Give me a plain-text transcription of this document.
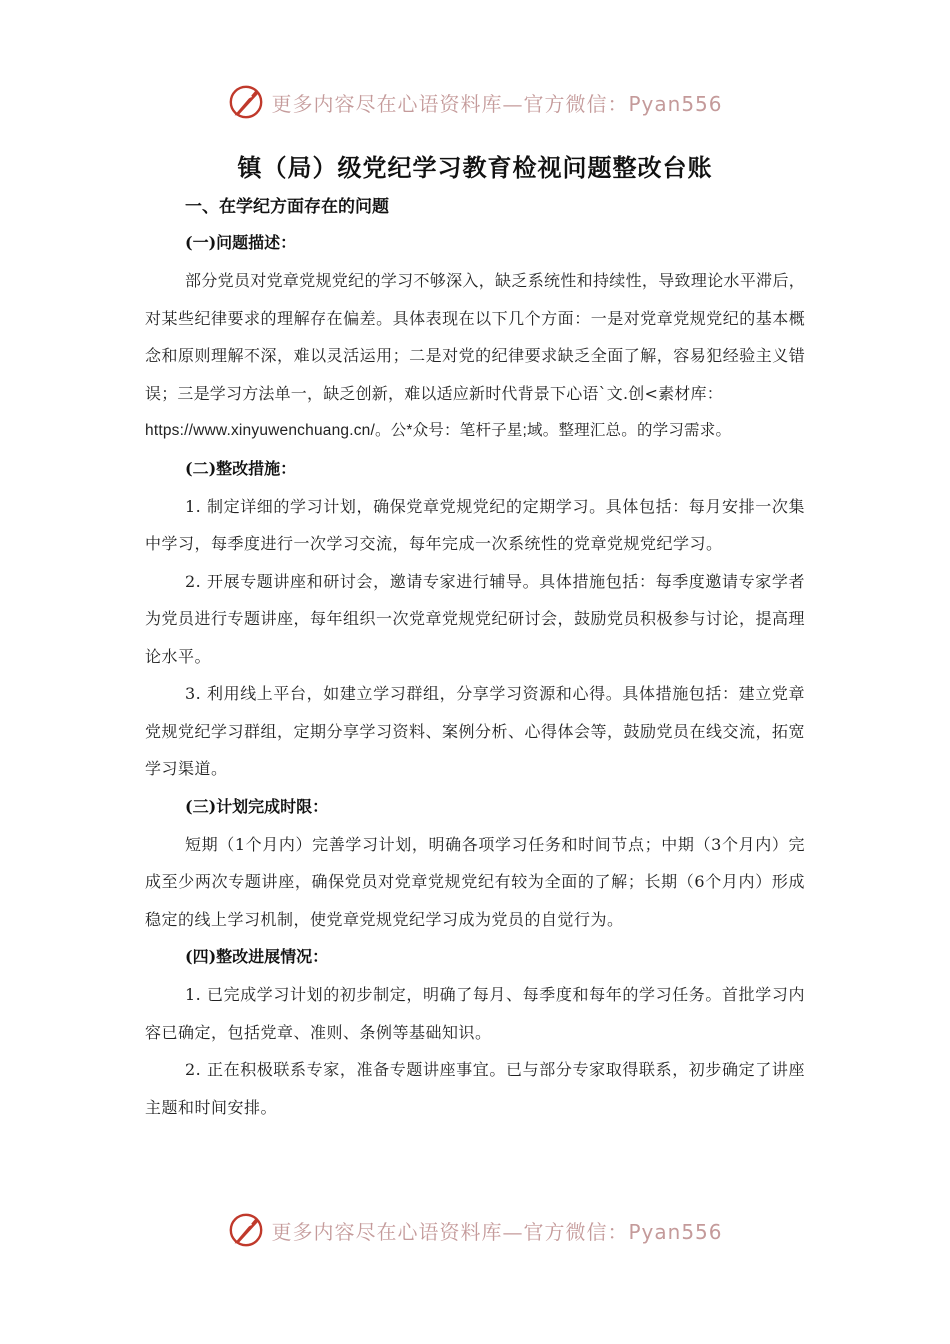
更多内容尽在心语资料库—官方微信：Pyan556
镇（局）级党纪学习教育检视问题整改台账
一、在学纪方面存在的问题
(一)问题描述：

部分党员对党章党规党纪的学习不够深入，缺乏系统性和持续性，导致理论水平滞后，对某些纪律要求的理解存在偏差。具体表现在以下几个方面：一是对党章党规党纪的基本概念和原则理解不深，难以灵活运用；二是对党的纪律要求缺乏全面了解，容易犯经验主义错误；三是学习方法单一，缺乏创新，难以适应新时代背景下心语`文.创<素材库：
https://www.xinyuwenchuang.cn/。公*众号：笔杆子星;域。整理汇总。的学习需求。

(二)整改措施：

1. 制定详细的学习计划，确保党章党规党纪的定期学习。具体包括：每月安排一次集中学习，每季度进行一次学习交流，每年完成一次系统性的党章党规党纪学习。

2. 开展专题讲座和研讨会，邀请专家进行辅导。具体措施包括：每季度邀请专家学者为党员进行专题讲座，每年组织一次党章党规党纪研讨会，鼓励党员积极参与讨论，提高理论水平。

3. 利用线上平台，如建立学习群组，分享学习资源和心得。具体措施包括：建立党章党规党纪学习群组，定期分享学习资料、案例分析、心得体会等，鼓励党员在线交流，拓宽学习渠道。

(三)计划完成时限：

短期（1个月内）完善学习计划，明确各项学习任务和时间节点；中期（3个月内）完成至少两次专题讲座，确保党员对党章党规党纪有较为全面的了解；长期（6个月内）形成稳定的线上学习机制，使党章党规党纪学习成为党员的自觉行为。

(四)整改进展情况：

1. 已完成学习计划的初步制定，明确了每月、每季度和每年的学习任务。首批学习内容已确定，包括党章、准则、条例等基础知识。

2. 正在积极联系专家，准备专题讲座事宜。已与部分专家取得联系，初步确定了讲座主题和时间安排。

更多内容尽在心语资料库—官方微信：Pyan556
